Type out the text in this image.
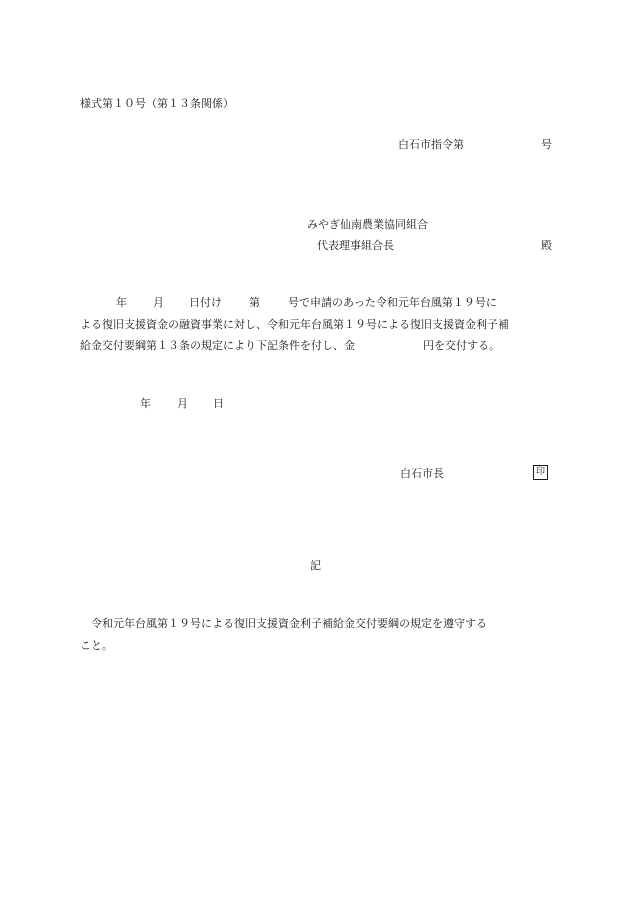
様式第１０号（第１３条関係）
白石市指令第	号
みやぎ仙南農業協同組合
代表理事組合長	殿
年 月 日付け 第	号で申請のあった令和元年台風第１９号に
よる復旧支援資金の融資事業に対し、令和元年台風第１９号による復旧支援資金利子補
給金交付要綱第１３条の規定により下記条件を付し、金	円を交付する。
年 月 日
白石市長	印
記
令和元年台風第１９号による復旧支援資金利子補給金交付要綱の規定を遵守する
こと。
